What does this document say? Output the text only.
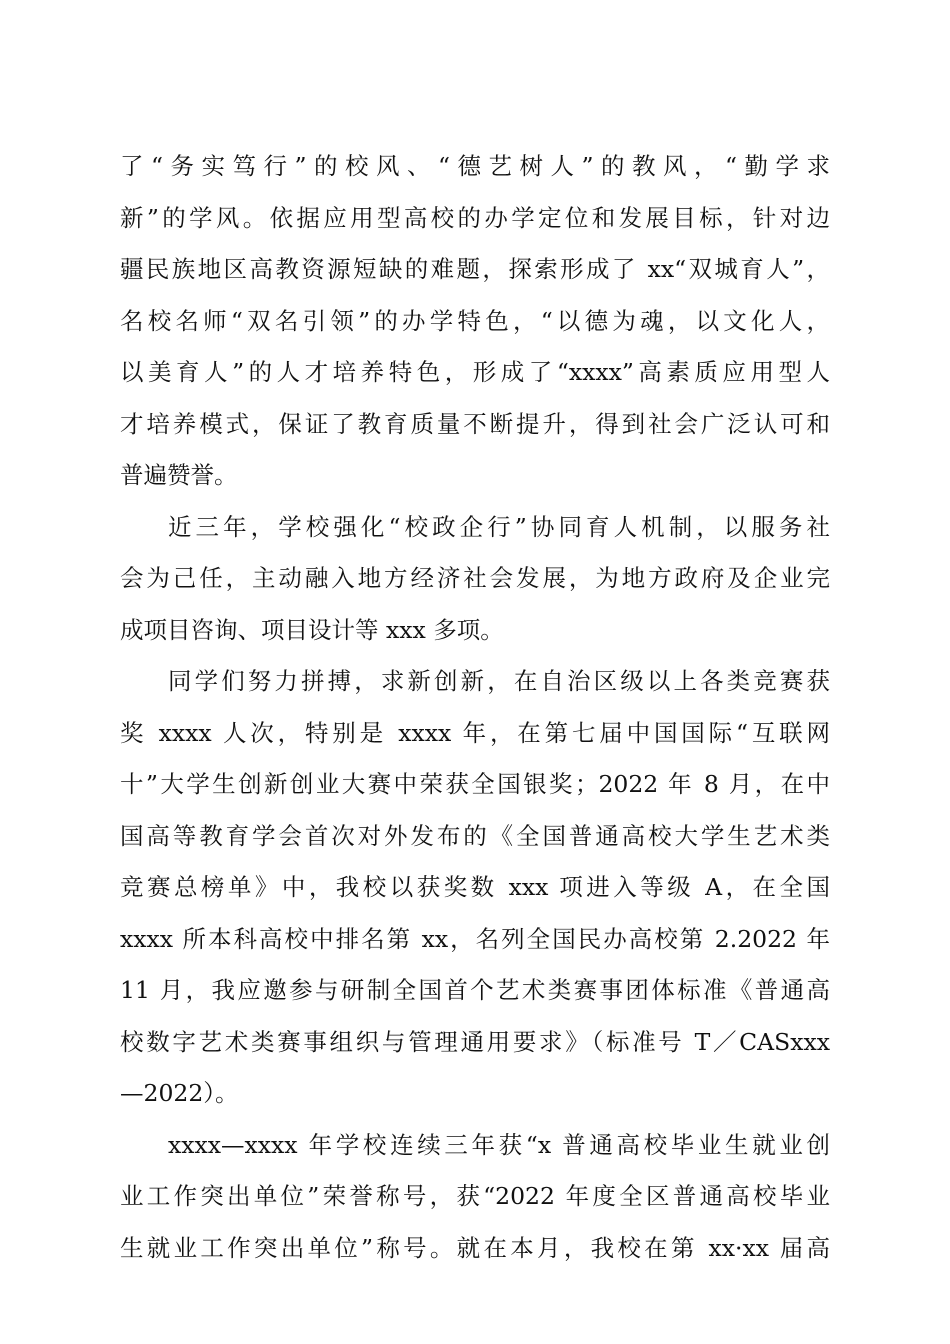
了“务实笃行”的校风、“德艺树人”的教风，“勤学求
新”的学风。依据应用型高校的办学定位和发展目标，针对边
疆民族地区高教资源短缺的难题，探索形成了 xx“双城育人”，
名校名师“双名引领”的办学特色，“以德为魂，以文化人，
以美育人”的人才培养特色，形成了“xxxx”高素质应用型人
才培养模式，保证了教育质量不断提升，得到社会广泛认可和
普遍赞誉。
近三年，学校强化“校政企行”协同育人机制，以服务社
会为己任，主动融入地方经济社会发展，为地方政府及企业完
成项目咨询、项目设计等 xxx 多项。
同学们努力拼搏，求新创新，在自治区级以上各类竞赛获
奖 xxxx 人次，特别是 xxxx 年，在第七届中国国际“互联网
十”大学生创新创业大赛中荣获全国银奖；2022 年 8 月，在中
国高等教育学会首次对外发布的《全国普通高校大学生艺术类
竞赛总榜单》中，我校以获奖数 xxx 项进入等级 A，在全国
xxxx 所本科高校中排名第 xx，名列全国民办高校第 2.2022 年
11 月，我应邀参与研制全国首个艺术类赛事团体标准《普通高
校数字艺术类赛事组织与管理通用要求》（标准号 T／CASxxx
—2022）。
xxxx—xxxx 年学校连续三年获“x 普通高校毕业生就业创
业工作突出单位”荣誉称号，获“2022 年度全区普通高校毕业
生就业工作突出单位”称号。就在本月，我校在第 xx·xx 届高
